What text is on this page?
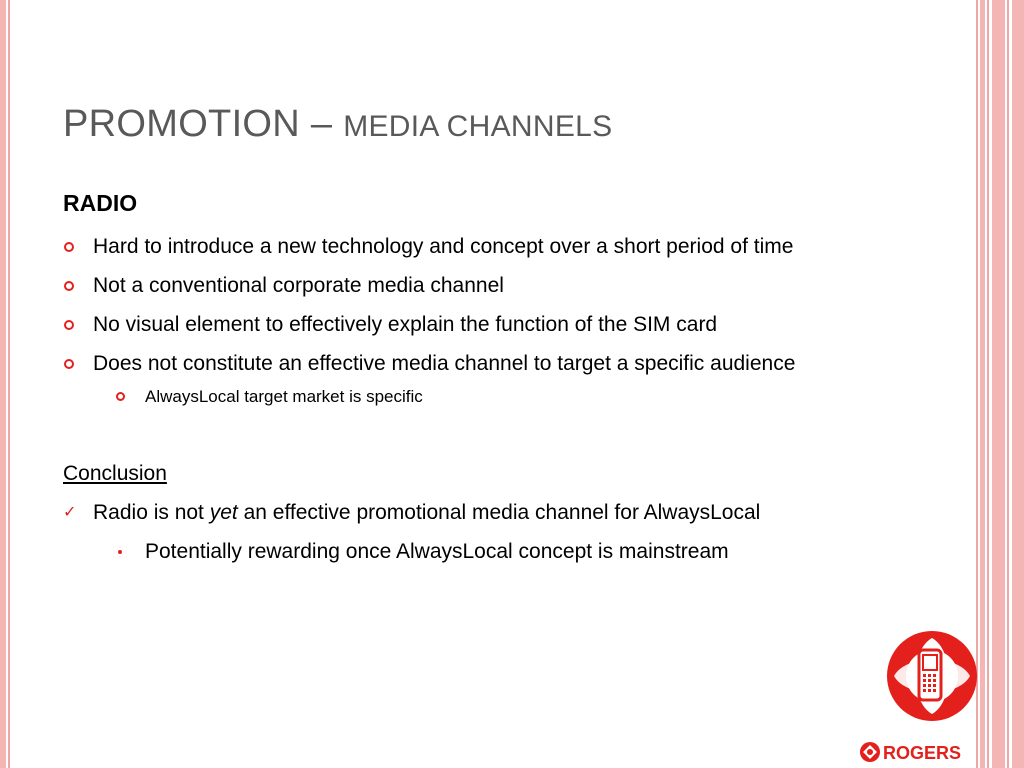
PROMOTION – MEDIA CHANNELS
RADIO
Hard to introduce a new technology and concept over a short period of time
Not a conventional corporate media channel
No visual element to effectively explain the function of the SIM card
Does not constitute an effective media channel to target a specific audience
AlwaysLocal target market is specific
Conclusion
✓ Radio is not yet an effective promotional media channel for AlwaysLocal
Potentially rewarding once AlwaysLocal concept is mainstream
ROGERS
